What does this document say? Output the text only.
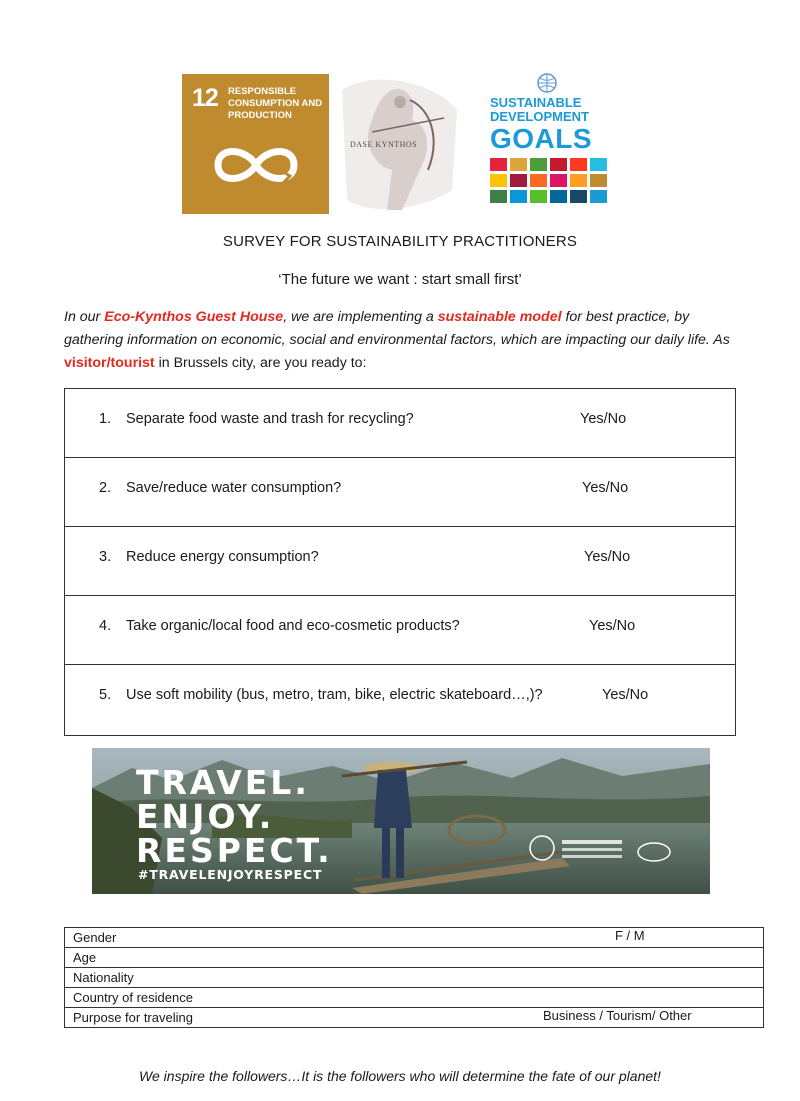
12 RESPONSIBLE CONSUMPTION AND PRODUCTION
DASE KYNTHOS
SUSTAINABLE DEVELOPMENT
GOALS
SURVEY FOR SUSTAINABILITY PRACTITIONERS
‘The future we want : start small first’
In our Eco-Kynthos Guest House, we are implementing a sustainable model for best practice, by gathering information on economic, social and environmental factors, which are impacting our daily life. As visitor/tourist in Brussels city, are you ready to:
1. Separate food waste and trash for recycling?	Yes/No
2. Save/reduce water consumption?	Yes/No
3. Reduce energy consumption?	Yes/No
4. Take organic/local food and eco-cosmetic products?	Yes/No
5. Use soft mobility (bus, metro, tram, bike, electric skateboard…,)?	Yes/No
TRAVEL.
ENJOY.
RESPECT.
#TRAVELENJOYRESPECT
Gender	F / M

Age
Nationality
Country of residence
Purpose for traveling	Business / Tourism/ Other
We inspire the followers…It is the followers who will determine the fate of our planet!
